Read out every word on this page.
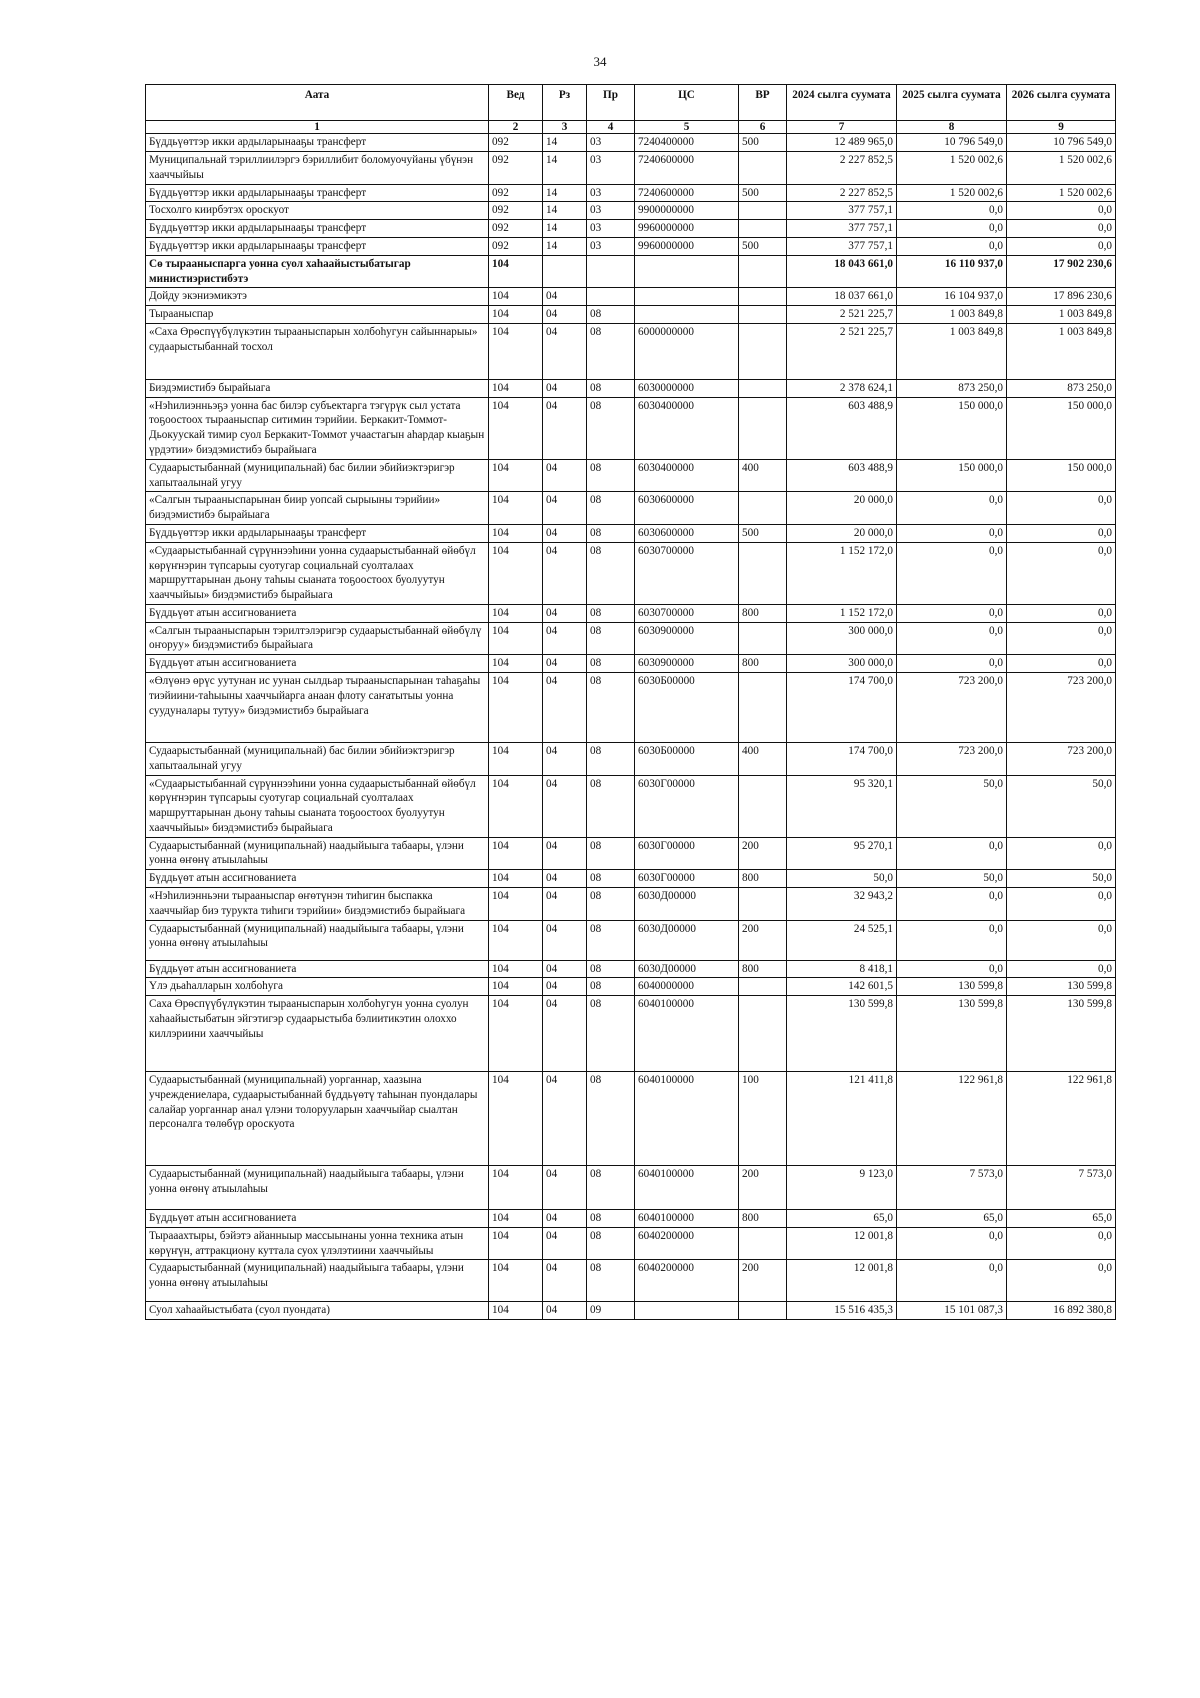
34
Аата	Вед	Рз	Пр	ЦС	ВР	2024 сылга суумата	2025 сылга суумата	2026 сылга суумата
1	2	3	4	5	6	7	8	9
Бүддьүөттэр икки ардыларынааҕы трансферт	092	14	03	7240400000	500	12 489 965,0	10 796 549,0	10 796 549,0
Муниципальнай тэриллиилэргэ бэриллибит боломуочуйаны үбүнэн хааччыйыы	092	14	03	7240600000		2 227 852,5	1 520 002,6	1 520 002,6
Бүддьүөттэр икки ардыларынааҕы трансферт	092	14	03	7240600000	500	2 227 852,5	1 520 002,6	1 520 002,6
Тосхолго киирбэтэх ороскуот	092	14	03	9900000000		377 757,1	0,0	0,0
Бүддьүөттэр икки ардыларынааҕы трансферт	092	14	03	9960000000		377 757,1	0,0	0,0
Бүддьүөттэр икки ардыларынааҕы трансферт	092	14	03	9960000000	500	377 757,1	0,0	0,0
Сө тырааныспарга уонна суол хаһаайыстыбатыгар министиэристибэтэ	104					18 043 661,0	16 110 937,0	17 902 230,6
Дойду экэниэмикэтэ	104	04				18 037 661,0	16 104 937,0	17 896 230,6
Тырааныспар	104	04	08			2 521 225,7	1 003 849,8	1 003 849,8
«Саха Өрөспүүбүлүкэтин тырааныспарын холбоһугун сайыннарыы» судаарыстыбаннай тосхол	104	04	08	6000000000		2 521 225,7	1 003 849,8	1 003 849,8
Биэдэмистибэ бырайыага	104	04	08	6030000000		2 378 624,1	873 250,0	873 250,0
«Нэһилиэнньэҕэ уонна бас билэр субъектарга тэгүрүк сыл устата тоҕоостоох тырааныспар ситимин тэрийии. Беркакит-Томмот-Дьокуускай тимир суол Беркакит-Томмот учаастагын аһардар кыаҕын үрдэтии» биэдэмистибэ бырайыага	104	04	08	6030400000		603 488,9	150 000,0	150 000,0
Судаарыстыбаннай (муниципальнай) бас билии эбийиэктэригэр хапытаалынай угуу	104	04	08	6030400000	400	603 488,9	150 000,0	150 000,0
«Салгын тырааныспарынан биир уопсай сырыыны тэрийии» биэдэмистибэ бырайыага	104	04	08	6030600000		20 000,0	0,0	0,0
Бүддьүөттэр икки ардыларынааҕы трансферт	104	04	08	6030600000	500	20 000,0	0,0	0,0
«Судаарыстыбаннай сүрүннээһини уонна судаарыстыбаннай өйөбүл көрүҥнэрин түпсарыы суотугар социальнай суолталаах маршруттарынан дьону таһыы сыаната тоҕоостоох буолуутун хааччыйыы» биэдэмистибэ бырайыага	104	04	08	6030700000		1 152 172,0	0,0	0,0
Бүддьүөт атын ассигнованиета	104	04	08	6030700000	800	1 152 172,0	0,0	0,0
«Салгын тырааныспарын тэрилтэлэригэр судаарыстыбаннай өйөбүлү оҥоруу» биэдэмистибэ бырайыага	104	04	08	6030900000		300 000,0	0,0	0,0
Бүддьүөт атын ассигнованиета	104	04	08	6030900000	800	300 000,0	0,0	0,0
«Өлүөнэ өрүс уутунан ис уунан сылдьар тырааныспарынан таһаҕаһы тиэйиини-таһыыны хааччыйарга анаан флоту саҥатытыы уонна суудуналары тутуу» биэдэмистибэ бырайыага	104	04	08	6030Б00000		174 700,0	723 200,0	723 200,0
Судаарыстыбаннай (муниципальнай) бас билии эбийиэктэригэр хапытаалынай угуу	104	04	08	6030Б00000	400	174 700,0	723 200,0	723 200,0
«Судаарыстыбаннай сүрүннээһини уонна судаарыстыбаннай өйөбүл көрүҥнэрин түпсарыы суотугар социальнай суолталаах маршруттарынан дьону таһыы сыаната тоҕоостоох буолуутун хааччыйыы» биэдэмистибэ бырайыага	104	04	08	6030Г00000		95 320,1	50,0	50,0
Судаарыстыбаннай (муниципальнай) наадыйыыга табаары, үлэни уонна өҥөнү атыылаһыы	104	04	08	6030Г00000	200	95 270,1	0,0	0,0
Бүддьүөт атын ассигнованиета	104	04	08	6030Г00000	800	50,0	50,0	50,0
«Нэһилиэнньэни тырааныспар өҥөтүнэн тиһигин быспакка хааччыйар биэ турукта тиһиги тэрийии» биэдэмистибэ бырайыага	104	04	08	6030Д00000		32 943,2	0,0	0,0
Судаарыстыбаннай (муниципальнай) наадыйыыга табаары, үлэни уонна өҥөнү атыылаһыы	104	04	08	6030Д00000	200	24 525,1	0,0	0,0
Бүддьүөт атын ассигнованиета	104	04	08	6030Д00000	800	8 418,1	0,0	0,0
Үлэ дьаһалларын холбоһуга	104	04	08	6040000000		142 601,5	130 599,8	130 599,8
Саха Өрөспүүбүлүкэтин тырааныспарын холбоһугун уонна суолун хаһаайыстыбатын эйгэтигэр судаарыстыба бэлиитикэтин олоххо киллэриини хааччыйыы	104	04	08	6040100000		130 599,8	130 599,8	130 599,8
Судаарыстыбаннай (муниципальнай) уорганнар, хаазына учреждениелара, судаарыстыбаннай бүддьүөтү таһынан пуондалары салайар уорганнар анал үлэни толорууларын хааччыйар сыалтан персоналга төлөбүр ороскуота	104	04	08	6040100000	100	121 411,8	122 961,8	122 961,8
Судаарыстыбаннай (муниципальнай) наадыйыыга табаары, үлэни уонна өҥөнү атыылаһыы	104	04	08	6040100000	200	9 123,0	7 573,0	7 573,0
Бүддьүөт атын ассигнованиета	104	04	08	6040100000	800	65,0	65,0	65,0
Тырааахтыры, бэйэтэ айанныыр массыынаны уонна техника атын көрүҥүн, аттракциону куттала суох үлэлэтиини хааччыйыы	104	04	08	6040200000		12 001,8	0,0	0,0
Судаарыстыбаннай (муниципальнай) наадыйыыга табаары, үлэни уонна өҥөнү атыылаһыы	104	04	08	6040200000	200	12 001,8	0,0	0,0
Суол хаһаайыстыбата (суол пуондата)	104	04	09			15 516 435,3	15 101 087,3	16 892 380,8
